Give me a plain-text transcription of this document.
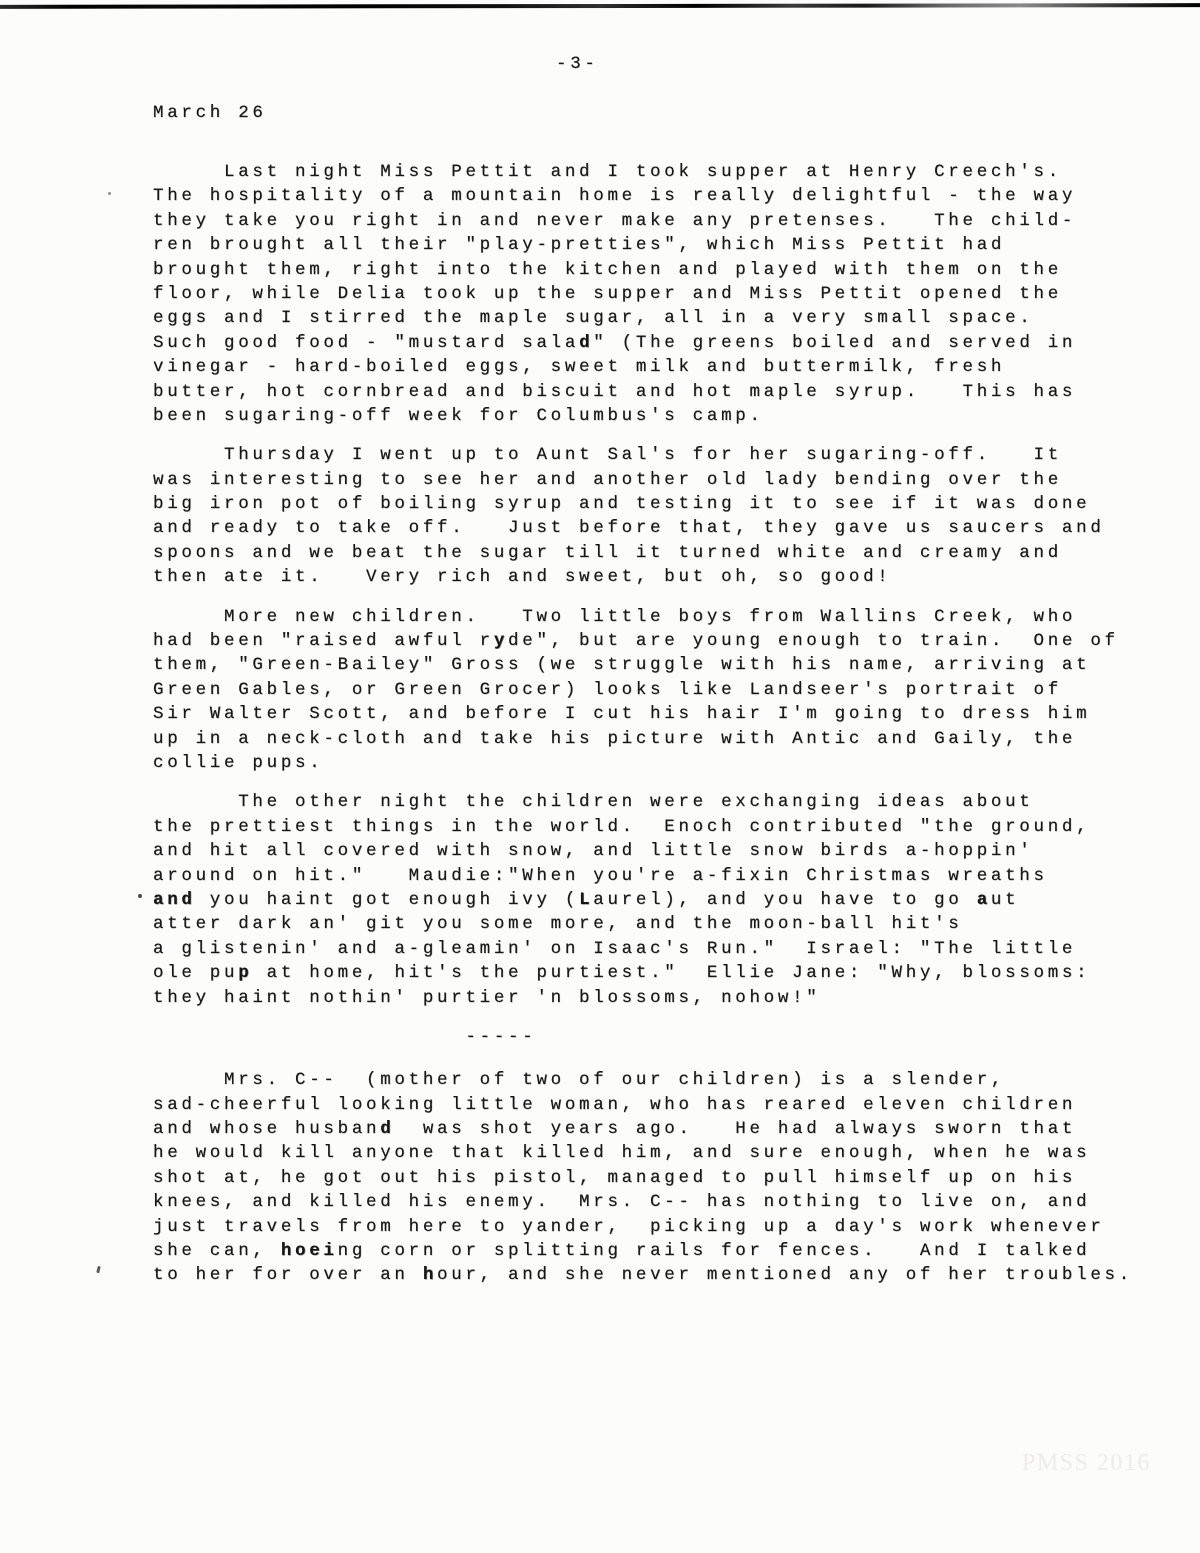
-3-
March 26
Last night Miss Pettit and I took supper at Henry Creech's.
The hospitality of a mountain home is really delightful - the way
they take you right in and never make any pretenses.   The child-
ren brought all their "play-pretties", which Miss Pettit had
brought them, right into the kitchen and played with them on the
floor, while Delia took up the supper and Miss Pettit opened the
eggs and I stirred the maple sugar, all in a very small space.
Such good food - "mustard salad" (The greens boiled and served in
vinegar - hard-boiled eggs, sweet milk and buttermilk, fresh
butter, hot cornbread and biscuit and hot maple syrup.   This has
been sugaring-off week for Columbus's camp.
Thursday I went up to Aunt Sal's for her sugaring-off.   It
was interesting to see her and another old lady bending over the
big iron pot of boiling syrup and testing it to see if it was done
and ready to take off.   Just before that, they gave us saucers and
spoons and we beat the sugar till it turned white and creamy and
then ate it.   Very rich and sweet, but oh, so good!
More new children.   Two little boys from Wallins Creek, who
had been "raised awful ryde", but are young enough to train.  One of
them, "Green-Bailey" Gross (we struggle with his name, arriving at
Green Gables, or Green Grocer) looks like Landseer's portrait of
Sir Walter Scott, and before I cut his hair I'm going to dress him
up in a neck-cloth and take his picture with Antic and Gaily, the
collie pups.
The other night the children were exchanging ideas about
the prettiest things in the world.  Enoch contributed "the ground,
and hit all covered with snow, and little snow birds a-hoppin'
around on hit."   Maudie:"When you're a-fixin Christmas wreaths
and you haint got enough ivy (Laurel), and you have to go aut
atter dark an' git you some more, and the moon-ball hit's
a glistenin' and a-gleamin' on Isaac's Run."  Israel: "The little
ole pup at home, hit's the purtiest."  Ellie Jane: "Why, blossoms:
they haint nothin' purtier 'n blossoms, nohow!"
-----
Mrs. C--  (mother of two of our children) is a slender,
sad-cheerful looking little woman, who has reared eleven children
and whose husband  was shot years ago.   He had always sworn that
he would kill anyone that killed him, and sure enough, when he was
shot at, he got out his pistol, managed to pull himself up on his
knees, and killed his enemy.  Mrs. C-- has nothing to live on, and
just travels from here to yander,  picking up a day's work whenever
she can, hoeing corn or splitting rails for fences.   And I talked
to her for over an hour, and she never mentioned any of her troubles.
PMSS 2016
